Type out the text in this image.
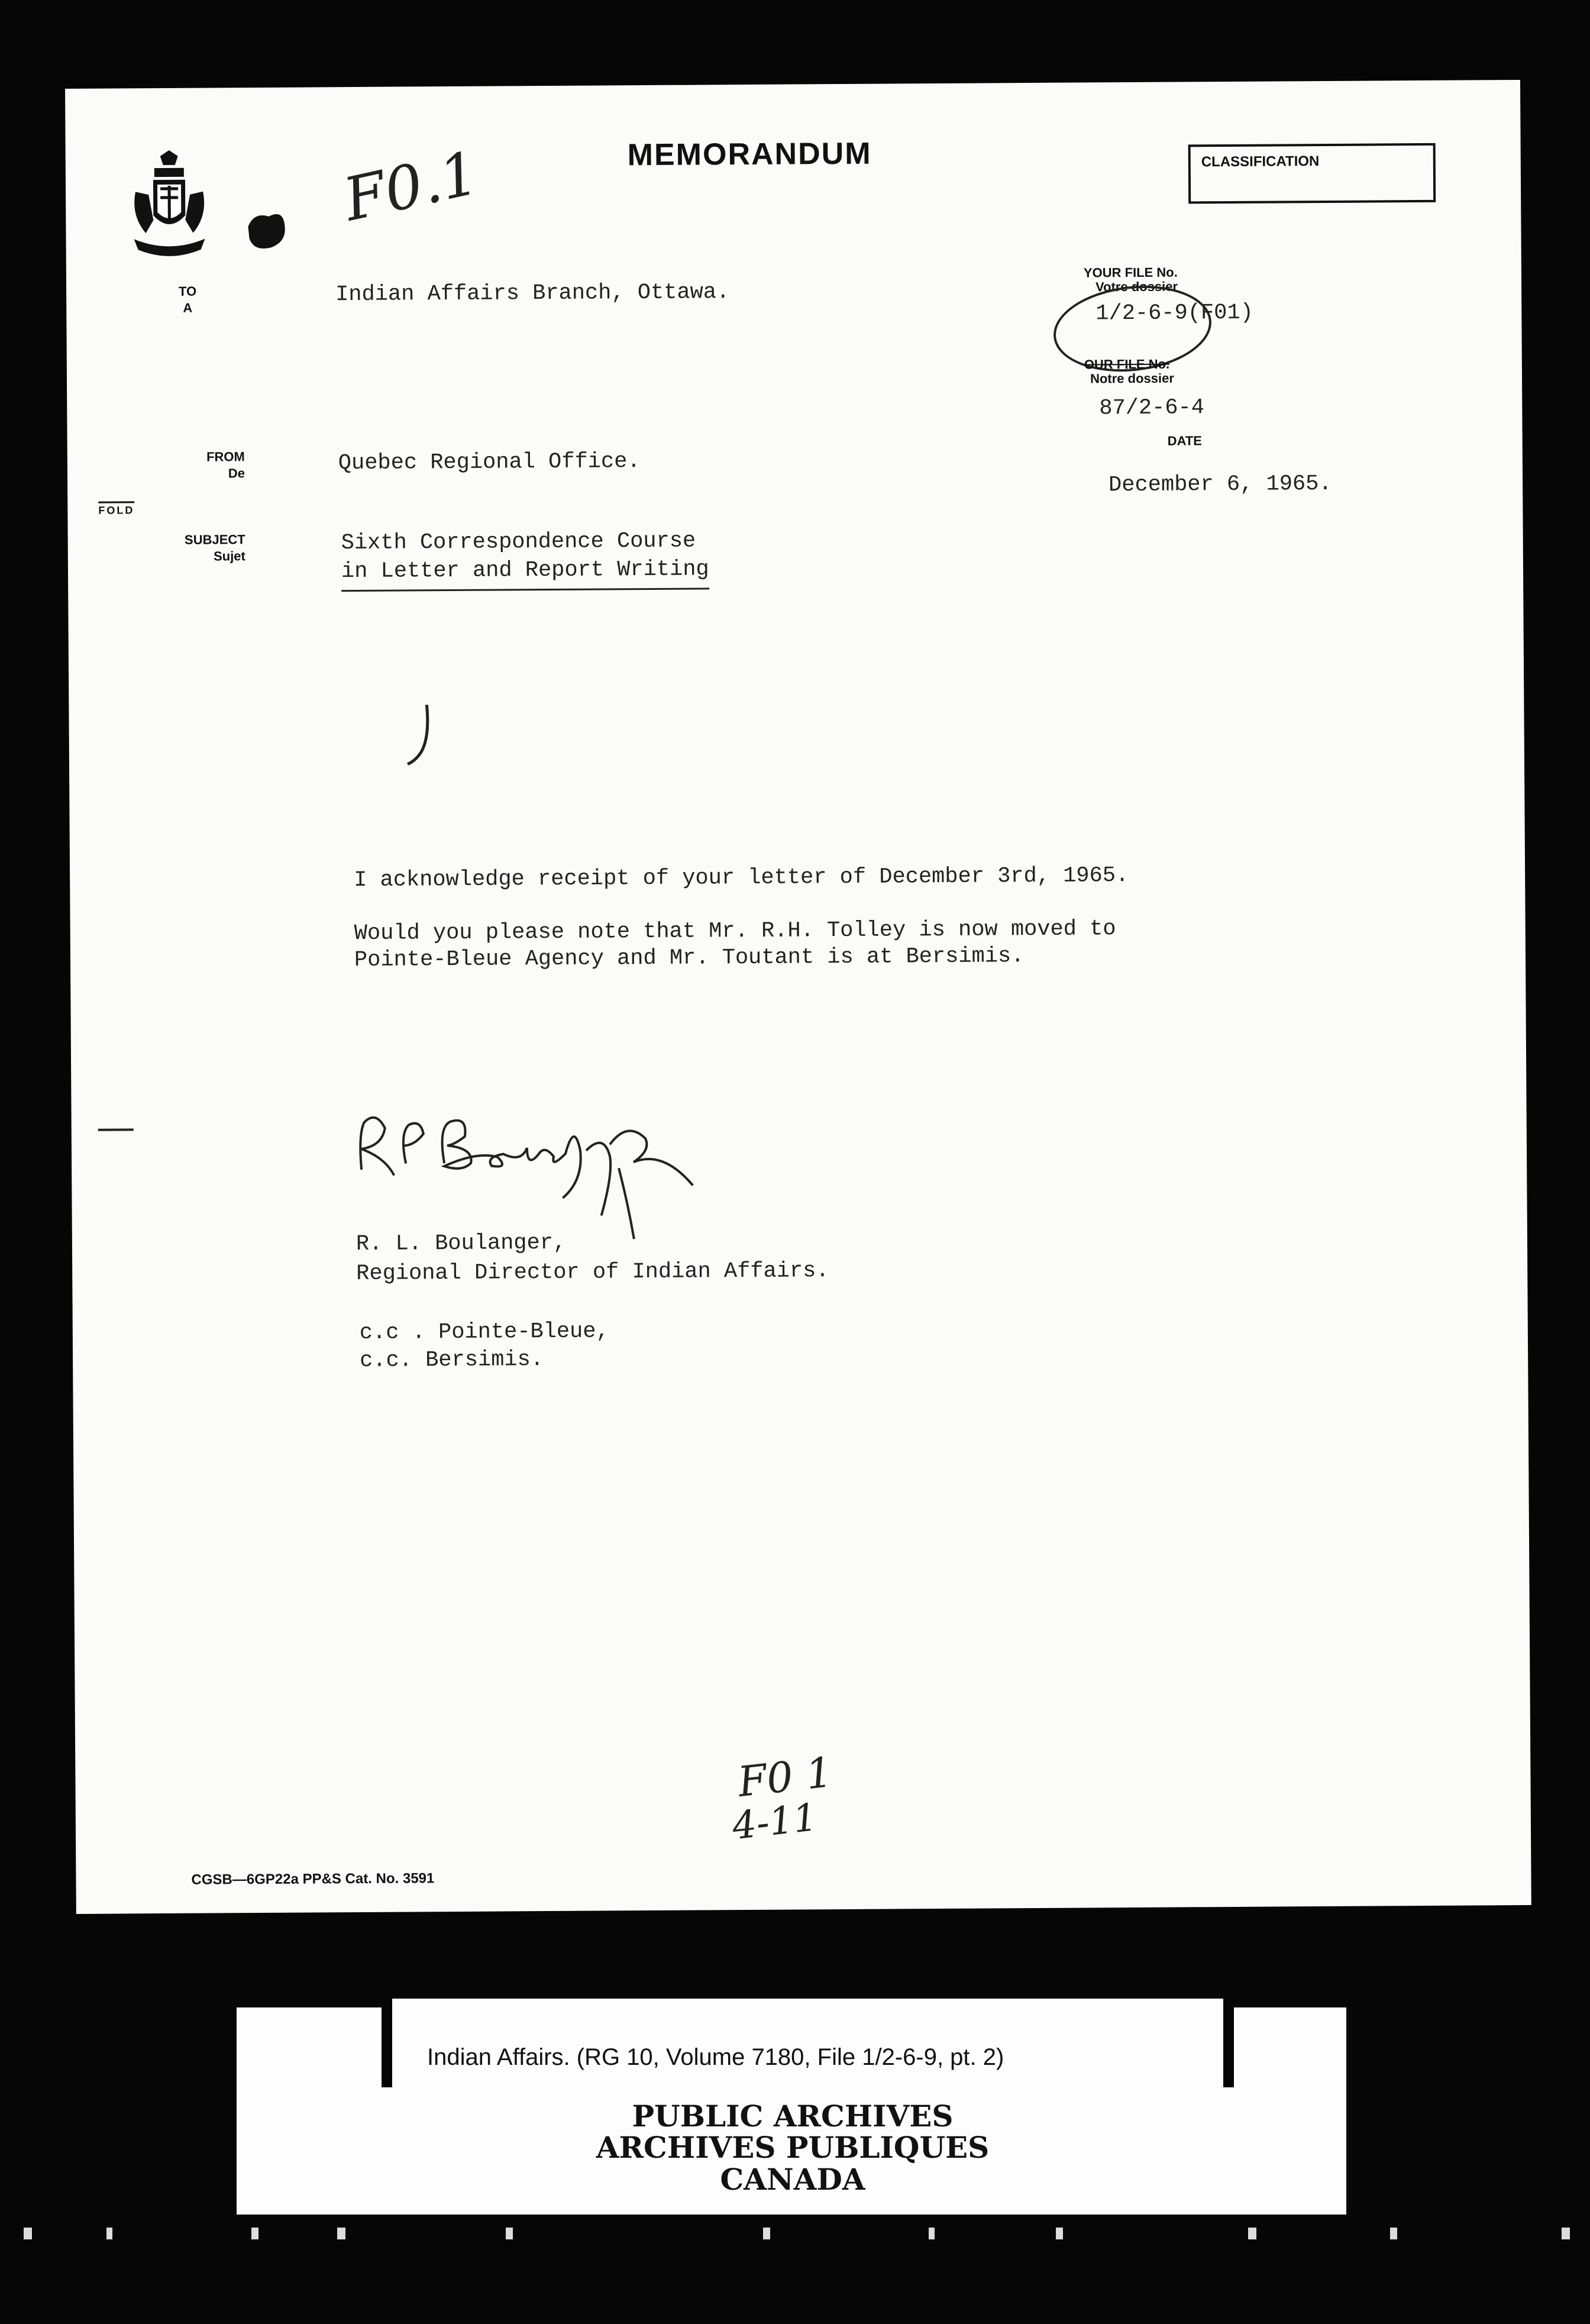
F0.1	MEMORANDUM	CLASSIFICATION
TO
A
Indian Affairs Branch, Ottawa.
YOUR FILE No.
Votre dossier
1/2-6-9(F01)
OUR FILE No.
Notre dossier
87/2-6-4
DATE
December 6, 1965.
FROM
De	Quebec Regional Office.
FOLD
SUBJECT
Sujet
Sixth Correspondence Course
in Letter and Report Writing
I acknowledge receipt of your letter of December 3rd, 1965.
Would you please note that Mr. R.H. Tolley is now moved to
Pointe-Bleue Agency and Mr. Toutant is at Bersimis.
R. L. Boulanger,
Regional Director of Indian Affairs.
c.c . Pointe-Bleue,
c.c. Bersimis.
F0 1
4-11
CGSB—6GP22a PP&S Cat. No. 3591
Indian Affairs. (RG 10, Volume 7180, File 1/2-6-9, pt. 2)
PUBLIC ARCHIVES
ARCHIVES PUBLIQUES
CANADA
